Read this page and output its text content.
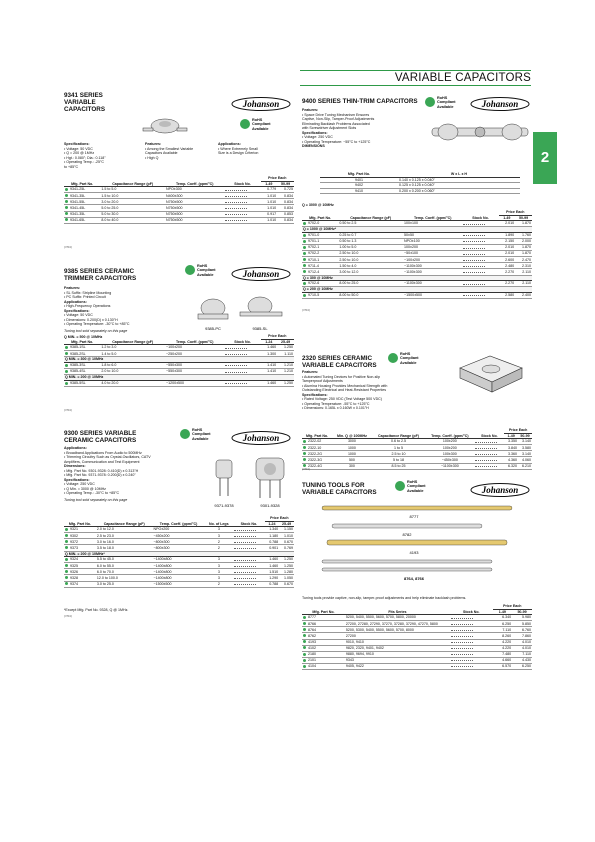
VARIABLE CAPACITORS
2
9341 SERIES
VARIABLE
CAPACITORS
Johanson
RoHS
Compliant
Available
Specifications:
• Voltage: 50 VDC
• Q = 200 @ 1MHz
• Hgt.: 0.080"; Dia.: 0.118"
• Operating Temp.: -25°C
to +85°C
Features:
• Among the Smallest Variable
Capacitors Available
• High Q
Applications:
• Where Extremely Small
Size is a Design Criterion
Mfg. Part No.	Capacitance Range (pF)	Temp. Coeff. (ppm/°C)	Stock No.	Price Each	
				1-49	50-99
9341-25L	1.5 to 5.0	NPO±300		0.779	0.725
9341-35L	1.5 to 10.0	N400±300		1.010	0.834
9341-55L	3.0 to 20.0	N750±500		1.010	0.834
9341-45L	5.0 to 25.0	N750±500		1.010	0.834
9341-35L	5.0 to 30.0	N750±500		0.917	0.853
9341-65L	8.0 to 40.0	N750±500		1.010	0.834
(7/04)
9385 SERIES CERAMIC
TRIMMER CAPACITORS
RoHS
Compliant
Available	Johanson
Features:
• SL Suffix: Stripline Mounting
• PC Suffix: Printed Circuit
Applications:
• High-Frequency Operations
Specifications:
• Voltage: 50 VDC
• Dimensions: 0.200(D) x 0.130"H
• Operating Temperature: -30°C to +85°C
Tuning tool sold separately on this page
Q MIN. = 500 @ 10MHz
9385-PC	9385-SL
Mfg. Part No.	Capacitance Range (pF)	Temp. Coeff. (ppm/°C)	Stock No.	Price Each	
				1-24	25-49
9385-1SL	1.2 to 3.0	−100±200		1.460	1.250
9385-2SL	1.4 to 5.0	−250±200		1.300	1.110
Q MIN. = 300 @ 10MHz					
9385-3SL	1.8 to 6.0	−550±300		1.410	1.210
9385-4SL	2.0 to 10.0	−550±300		1.410	1.210
Q MIN. = 200 @ 10MHz					
9385-5SL	4.0 to 20.0	−1200±500		1.460	1.250
(7/04)
9300 SERIES VARIABLE
CERAMIC CAPACITORS
RoHS
Compliant
Available	Johanson
Applications:
• Broadband Applications From Audio to 500MHz
• Trimming Circuitry Such as Crystal-Oscillators, CATV
Amplifiers, Communication and Test Equipment
Dimensions:
• Mfg. Part No. 9301-9328: 0.410(D) x 0.313"H
• Mfg. Part No. 9371-9378: 0.200(D) x 0.240"
Specifications:
• Voltage: 250 VDC
• Q Min. = 3000 @ 10MHz
• Operating Temp.: -30°C to +85°C
Tuning tool sold separately on this page
9371-9378	9301-9328
Mfg. Part No.	Capacitance Range (pF)	Temp. Coeff. (ppm/°C)	No. of Legs	Stock No.	Price Each	
					1-24	25-49
9321	2.0 to 12.0	NPO±200	3		1.340	1.150
9302	2.5 to 23.0	−450±200	3		1.180	1.010
9372	3.0 to 16.0	−800±300	2		0.788	0.670
9373	3.5 to 18.0	−800±300	2		0.901	0.769
Q MIN. = 200 @ 10MHz*						
9324	5.5 to 45.0	−1400±800	3		1.460	1.250
9325	6.0 to 55.0	−1400±800	3		1.460	1.250
9326	6.0 to 70.0	−1400±800	3		1.510	1.280
9328	12.0 to 100.0	−1400±800	3		1.290	1.050
9374	3.0 to 25.0	−1500±500	2		0.788	0.670
*Except Mfg. Part No. 9328, Q @ 1MHz.
(7/04)
9400 SERIES THIN-TRIM CAPACITORS	RoHS
Compliant
Available	Johanson
Features:
• Space Drive Tuning Mechanism Ensures
Captive, Non-Slip, Tamper-Proof Adjustments
Eliminating Backlash Problems Associated
with Screwdriver Adjustment Slots
Specifications:
• Voltage: 250 VDC
• Operating Temperature: −55°C to +125°C
DIMENSIONS
Mfg. Part No.	W x L x H
9401	0.140 x 0.125 x 0.040"
9402	0.125 x 0.125 x 0.040"
9410	0.200 x 0.200 x 0.060"
Q = 3000 @ 10MHz
Mfg. Part No.	Capacitance Range (pF)	Temp. Coeff. (ppm/°C)	Stock No.	Price Each	
				1-49	50-99
9702-0	0.50 to 2.5	100±100		2.010	1.870
Q = 1000 @ 10MHz*					
9701-0	0.25 to 0.7	50±50		1.890	1.760
9701-1	0.50 to 1.3	NPO±100		2.150	2.000
9702-1	1.00 to 5.0	100±200		2.010	1.870
9702-2	2.50 to 10.0	−50±100		2.010	1.870
9710-1	2.50 to 10.0	−100±200		2.600	2.470
9711-4	1.50 to 4.0	−1100±300		2.480	2.310
9712-4	3.00 to 12.0	−1100±300		2.270	2.110
Q = 300 @ 10MHz					
9702-6	8.00 to 25.0	−1100±300		2.270	2.110
Q = 200 @ 10MHz					
9710-5	8.00 to 50.0	−1500±500		2.580	2.400
(7/04)
2320 SERIES CERAMIC
VARIABLE CAPACITORS
RoHS
Compliant
Available
Features:
• Automated Tuning Devices for Positive Non-slip
Tamperproof Adjustments
• Alumina Housing Provides Mechanical Strength with
Outstanding Electrical and Heat-Resistant Properties
Specifications:
• Rated Voltage: 250 VDC (Test Voltage 500 VDC)
• Operating Temperature: -55°C to +125°C
• Dimensions: 0.165L x 0.160W x 0.101"H
Mfg. Part No.	Min. Q @ 100MHz	Capacitance Range (pF)	Temp. Coeff. (ppm/°C)	Stock No.	Price Each	
					1-49	50-99
2322-02	3000	0.6 to 2.5	100±200		3.350	3.140
2322-10	1000	1 to 5	100±200		3.840	3.580
2322-2G	1000	2.5 to 10	100±300		3.360	3.140
2322-3G	500	5 to 18	−450±300		4.360	4.060
2322-4G	300	8.5 to 25	−1100±300		6.320	6.210
(7/04)
TUNING TOOLS FOR
VARIABLE CAPACITORS
RoHS
Compliant
Available	Johanson
8777
8782
4193
8764, 8766
Tuning tools provide captive, non-slip, tamper-proof adjustments and help eliminate backlash problems.
Mfg. Part No.	Fits Series	Stock No.	Price Each	
			1-49	50-99
8777	5200, 5400, 5500, 5600, 5700, 5800, 20000		6.340	5.980
8766	27200, 27280, 27290, 37270, 37280, 37290, 47270, 5800		6.250	5.850
8764	5200, 5300, 5400, 5500, 5600, 5700, 8000		7.110	6.760
8762	27200		8.260	7.860
4193	9010, 9410		4.220	4.010
4102	9820, 2320, 9401, 9402		4.220	4.010
2180	9880, 9694, 9910		7.480	7.110
2101	9343		4.660	4.430
4104	9405, 9422		6.570	6.250
